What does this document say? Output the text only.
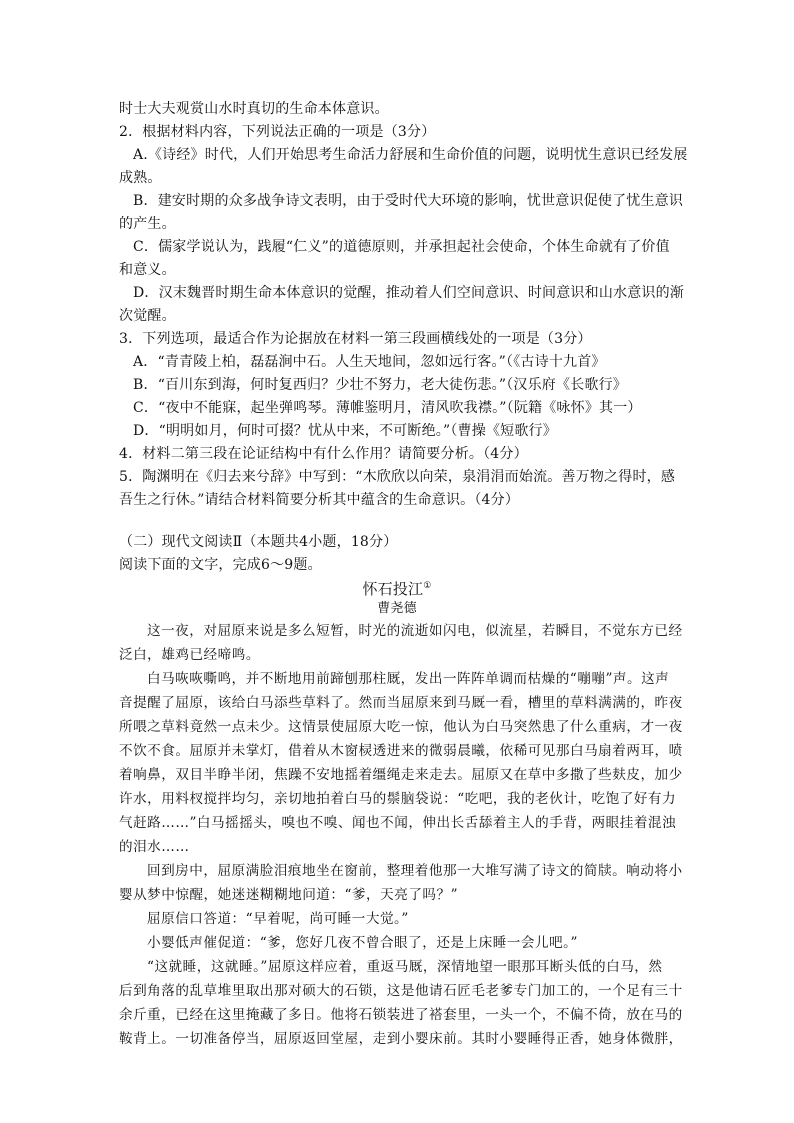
时士大夫观赏山水时真切的生命本体意识。
2．根据材料内容，下列说法正确的一项是（3分）
A.《诗经》时代，人们开始思考生命活力舒展和生命价值的问题，说明忧生意识已经发展
成熟。
B．建安时期的众多战争诗文表明，由于受时代大环境的影响，忧世意识促使了忧生意识
的产生。
C．儒家学说认为，践履“仁义”的道德原则，并承担起社会使命，个体生命就有了价值
和意义。
D．汉末魏晋时期生命本体意识的觉醒，推动着人们空间意识、时间意识和山水意识的渐
次觉醒。
3．下列选项，最适合作为论据放在材料一第三段画横线处的一项是（3分）
A．“青青陵上柏，磊磊涧中石。人生天地间，忽如远行客。”（《古诗十九首》
B．“百川东到海，何时复西归？少壮不努力，老大徒伤悲。”（汉乐府《长歌行》
C．“夜中不能寐，起坐弹鸣琴。薄帷鉴明月，清风吹我襟。”（阮籍《咏怀》其一）
D．“明明如月，何时可掇？忧从中来，不可断绝。”（曹操《短歌行》
4．材料二第三段在论证结构中有什么作用？请简要分析。（4分）
5．陶渊明在《归去来兮辞》中写到：“木欣欣以向荣，泉涓涓而始流。善万物之得时，感
吾生之行休。”请结合材料简要分析其中蕴含的生命意识。（4分）
（二）现代文阅读Ⅱ（本题共4小题，18分）
阅读下面的文字，完成6～9题。
怀石投江①
曹尧德
这一夜，对屈原来说是多么短暂，时光的流逝如闪电，似流星，若瞬目，不觉东方已经
泛白，雄鸡已经啼鸣。
白马咴咴嘶鸣，并不断地用前蹄刨那柱厩，发出一阵阵单调而枯燥的“嘣嘣”声。这声
音提醒了屈原，该给白马添些草料了。然而当屈原来到马厩一看，槽里的草料满满的，昨夜
所喂之草料竟然一点未少。这情景使屈原大吃一惊，他认为白马突然患了什么重病，才一夜
不饮不食。屈原并未掌灯，借着从木窗棂透进来的微弱晨曦，依稀可见那白马扇着两耳，喷
着响鼻，双目半睁半闭，焦躁不安地摇着缰绳走来走去。屈原又在草中多撒了些麸皮，加少
许水，用料杈搅拌均匀，亲切地拍着白马的鬃脑袋说：“吃吧，我的老伙计，吃饱了好有力
气赶路……”白马摇摇头，嗅也不嗅、闻也不闻，伸出长舌舔着主人的手背，两眼挂着混浊
的泪水……
回到房中，屈原满脸泪痕地坐在窗前，整理着他那一大堆写满了诗文的简牍。响动将小
婴从梦中惊醒，她迷迷糊糊地问道：“爹，天亮了吗？”
屈原信口答道：“早着呢，尚可睡一大觉。”
小婴低声催促道：“爹，您好几夜不曾合眼了，还是上床睡一会儿吧。”
“这就睡，这就睡。”屈原这样应着，重返马厩，深情地望一眼那耳断头低的白马，然
后到角落的乱草堆里取出那对硕大的石锁，这是他请石匠毛老爹专门加工的，一个足有三十
余斤重，已经在这里掩藏了多日。他将石锁装进了褡套里，一头一个，不偏不倚，放在马的
鞍背上。一切准备停当，屈原返回堂屋，走到小婴床前。其时小婴睡得正香，她身体微胖，
